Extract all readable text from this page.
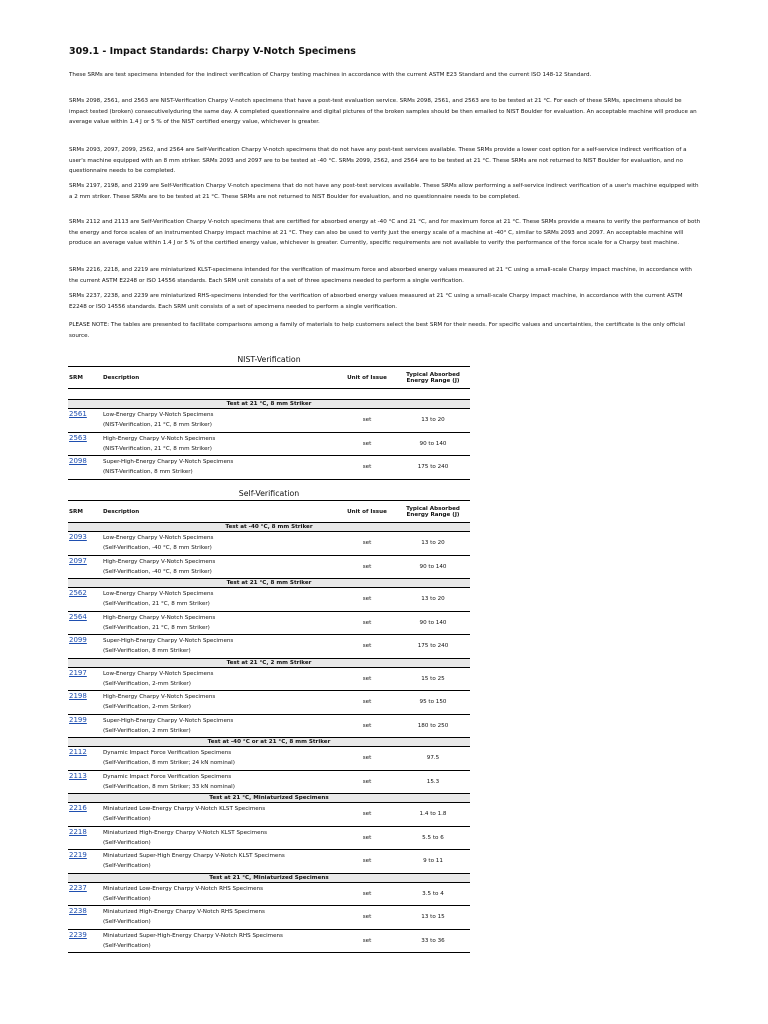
309.1 - Impact Standards: Charpy V-Notch Specimens
These SRMs are test specimens intended for the indirect verification of Charpy testing machines in accordance with the current ASTM E23 Standard and the current ISO 148-12 Standard.
SRMs 2098, 2561, and 2563 are NIST-Verification Charpy V-notch specimens that have a post-test evaluation service. SRMs 2098, 2561, and 2563 are to be tested at 21 °C. For each of these SRMs, specimens should be impact tested (broken) consecutivelyduring the same day. A completed questionnaire and digital pictures of the broken samples should be then emailed to NIST Boulder for evaluation. An acceptable machine will produce an average value within 1.4 J or 5 % of the NIST certified energy value, whichever is greater.
SRMs 2093, 2097, 2099, 2562, and 2564 are Self-Verification Charpy V-notch specimens that do not have any post-test services available. These SRMs provide a lower cost option for a self-service indirect verification of a user's machine equipped with an 8 mm striker. SRMs 2093 and 2097 are to be tested at -40 °C. SRMs 2099, 2562, and 2564 are to be tested at 21 °C. These SRMs are not returned to NIST Boulder for evaluation, and no questionnaire needs to be completed.
SRMs 2197, 2198, and 2199 are Self-Verification Charpy V-notch specimens that do not have any post-test services available. These SRMs allow performing a self-service indirect verification of a user's machine equipped with a 2 mm striker. These SRMs are to be tested at 21 °C. These SRMs are not returned to NIST Boulder for evaluation, and no questionnaire needs to be completed.
SRMs 2112 and 2113 are Self-Verification Charpy V-notch specimens that are certified for absorbed energy at -40 °C and 21 °C, and for maximum force at 21 °C. These SRMs provide a means to verify the performance of both the energy and force scales of an instrumented Charpy impact machine at 21 °C. They can also be used to verify just the energy scale of a machine at -40° C, similar to SRMs 2093 and 2097. An acceptable machine will produce an average value within 1.4 J or 5 % of the certified energy value, whichever is greater. Currently, specific requirements are not available to verify the performance of the force scale for a Charpy test machine.
SRMs 2216, 2218, and 2219 are miniaturized KLST-specimens intended for the verification of maximum force and absorbed energy values measured at 21 °C using a small-scale Charpy impact machine, in accordance with the current ASTM E2248 or ISO 14556 standards. Each SRM unit consists of a set of three specimens needed to perform a single verification.
SRMs 2237, 2238, and 2239 are miniaturized RHS-specimens intended for the verification of absorbed energy values measured at 21 °C using a small-scale Charpy impact machine, in accordance with the current ASTM E2248 or ISO 14556 standards. Each SRM unit consists of a set of specimens needed to perform a single verification.
PLEASE NOTE: The tables are presented to facilitate comparisons among a family of materials to help customers select the best SRM for their needs. For specific values and uncertainties, the certificate is the only official source.
NIST-Verification
SRM	Description	Unit of Issue	Typical Absorbed
Energy Range (J)

Test at 21 °C, 8 mm Striker			
2561	Low-Energy Charpy V-Notch Specimens
(NIST-Verification, 21 °C, 8 mm Striker)	set	13 to 20
2563	High-Energy Charpy V-Notch Specimens
(NIST-Verification, 21 °C, 8 mm Striker)	set	90 to 140
2098	Super-High-Energy Charpy V-Notch Specimens
(NIST-Verification, 8 mm Striker)	set	175 to 240
Self-Verification
SRM	Description	Unit of Issue	Typical Absorbed
Energy Range (J)

Test at -40 °C, 8 mm Striker			
2093	Low-Energy Charpy V-Notch Specimens
(Self-Verification, -40 °C, 8 mm Striker)	set	13 to 20
2097	High-Energy Charpy V-Notch Specimens
(Self-Verification, -40 °C, 8 mm Striker)	set	90 to 140
Test at 21 °C, 8 mm Striker			
2562	Low-Energy Charpy V-Notch Specimens
(Self-Verification, 21 °C, 8 mm Striker)	set	13 to 20
2564	High-Energy Charpy V-Notch Specimens
(Self-Verification, 21 °C, 8 mm Striker)	set	90 to 140
2099	Super-High-Energy Charpy V-Notch Specimens
(Self-Verification, 8 mm Striker)	set	175 to 240
Test at 21 °C, 2 mm Striker			
2197	Low-Energy Charpy V-Notch Specimens
(Self-Verification, 2-mm Striker)	set	15 to 25
2198	High-Energy Charpy V-Notch Specimens
(Self-Verification, 2-mm Striker)	set	95 to 150
2199	Super-High-Energy Charpy V-Notch Specimens
(Self-Verification, 2 mm Striker)	set	180 to 250
Test at -40 °C or at 21 °C, 8 mm Striker			
2112	Dynamic Impact Force Verification Specimens
(Self-Verification, 8 mm Striker; 24 kN nominal)	set	97.5
2113	Dynamic Impact Force Verification Specimens
(Self-Verification, 8 mm Striker; 33 kN nominal)	set	15.3
Test at 21 °C, Miniaturized Specimens			
2216	Miniaturized Low-Energy Charpy V-Notch KLST Specimens
(Self-Verification)	set	1.4 to 1.8
2218	Miniaturized High-Energy Charpy V-Notch KLST Specimens
(Self-Verification)	set	5.5 to 6
2219	Miniaturized Super-High Energy Charpy V-Notch KLST Specimens
(Self-Verification)	set	9 to 11
Test at 21 °C, Miniaturized Specimens			
2237	Miniaturized Low-Energy Charpy V-Notch RHS Specimens
(Self-Verification)	set	3.5 to 4
2238	Miniaturized High-Energy Charpy V-Notch RHS Specimens
(Self-Verification)	set	13 to 15
2239	Miniaturized Super-High-Energy Charpy V-Notch RHS Specimens
(Self-Verification)	set	33 to 36
